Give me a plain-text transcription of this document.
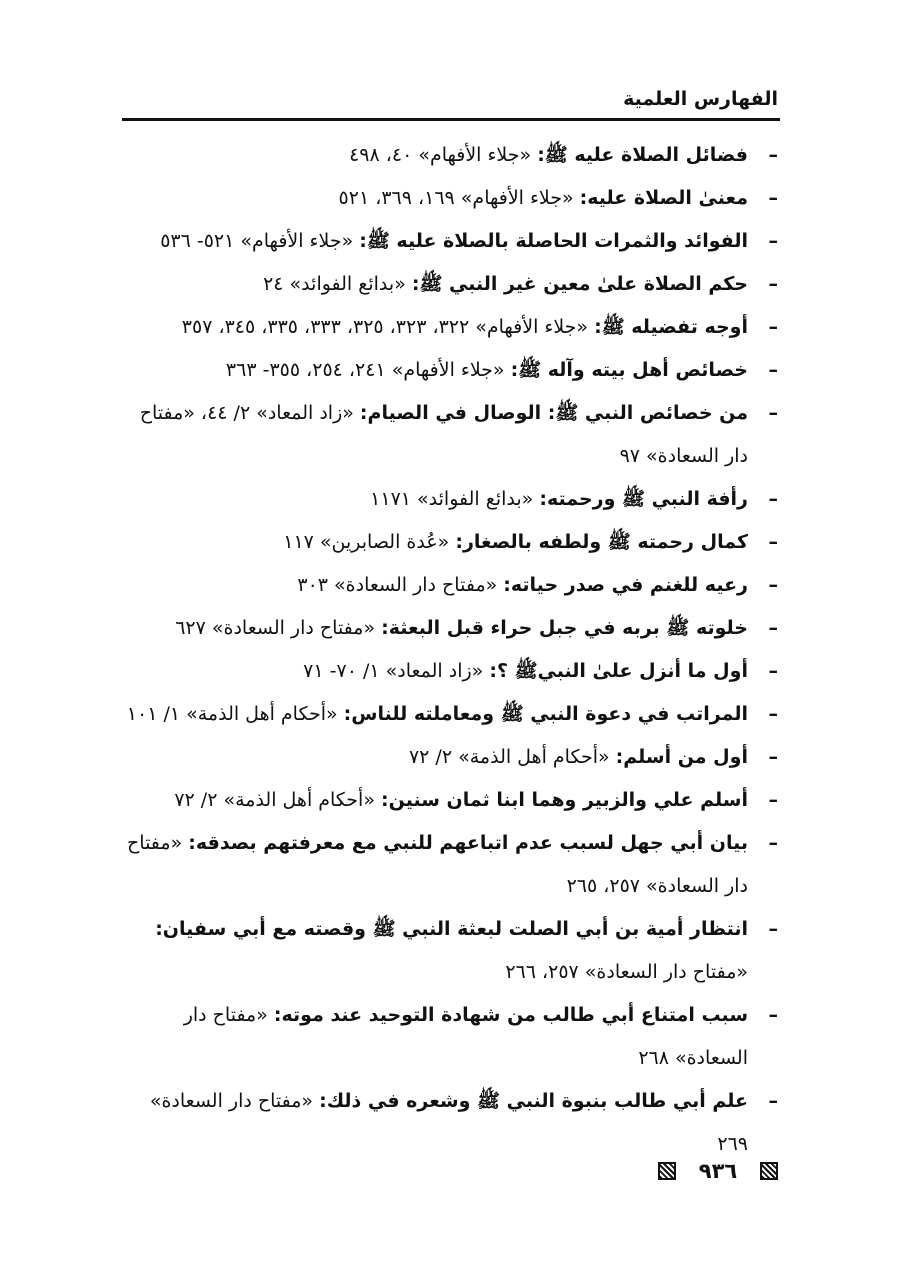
الفهارس العلمية
–
فضائل الصلاة عليه ﷺ: «جلاء الأفهام» ٤٠، ٤٩٨
–
معنىٰ الصلاة عليه: «جلاء الأفهام» ١٦٩، ٣٦٩، ٥٢١
–
الفوائد والثمرات الحاصلة بالصلاة عليه ﷺ: «جلاء الأفهام» ٥٢١- ٥٣٦
–
حكم الصلاة علىٰ معين غير النبي ﷺ: «بدائع الفوائد» ٢٤
–
أوجه تفضيله ﷺ: «جلاء الأفهام» ٣٢٢، ٣٢٣، ٣٢٥، ٣٣٣، ٣٣٥، ٣٤٥، ٣٥٧
–
خصائص أهل بيته وآله ﷺ: «جلاء الأفهام» ٢٤١، ٢٥٤، ٣٥٥- ٣٦٣
–
من خصائص النبي ﷺ: الوصال في الصيام: «زاد المعاد» ٢/ ٤٤، «مفتاح دار السعادة» ٩٧
–
رأفة النبي ﷺ ورحمته: «بدائع الفوائد» ١١٧١
–
كمال رحمته ﷺ ولطفه بالصغار: «عُدة الصابرين» ١١٧
–
رعيه للغنم في صدر حياته: «مفتاح دار السعادة» ٣٠٣
–
خلوته ﷺ بربه في جبل حراء قبل البعثة: «مفتاح دار السعادة» ٦٢٧
–
أول ما أنزل علىٰ النبيﷺ ؟: «زاد المعاد» ١/ ٧٠- ٧١
–
المراتب في دعوة النبي ﷺ ومعاملته للناس: «أحكام أهل الذمة» ١/ ١٠١
–
أول من أسلم: «أحكام أهل الذمة» ٢/ ٧٢
–
أسلم علي والزبير وهما ابنا ثمان سنين: «أحكام أهل الذمة» ٢/ ٧٢
–
بيان أبي جهل لسبب عدم اتباعهم للنبي مع معرفتهم بصدقه: «مفتاح دار السعادة» ٢٥٧، ٢٦٥
–
انتظار أمية بن أبي الصلت لبعثة النبي ﷺ وقصته مع أبي سفيان: «مفتاح دار السعادة» ٢٥٧، ٢٦٦
–
سبب امتناع أبي طالب من شهادة التوحيد عند موته: «مفتاح دار السعادة» ٢٦٨
–
علم أبي طالب بنبوة النبي ﷺ وشعره في ذلك: «مفتاح دار السعادة» ٢٦٩
٩٣٦
